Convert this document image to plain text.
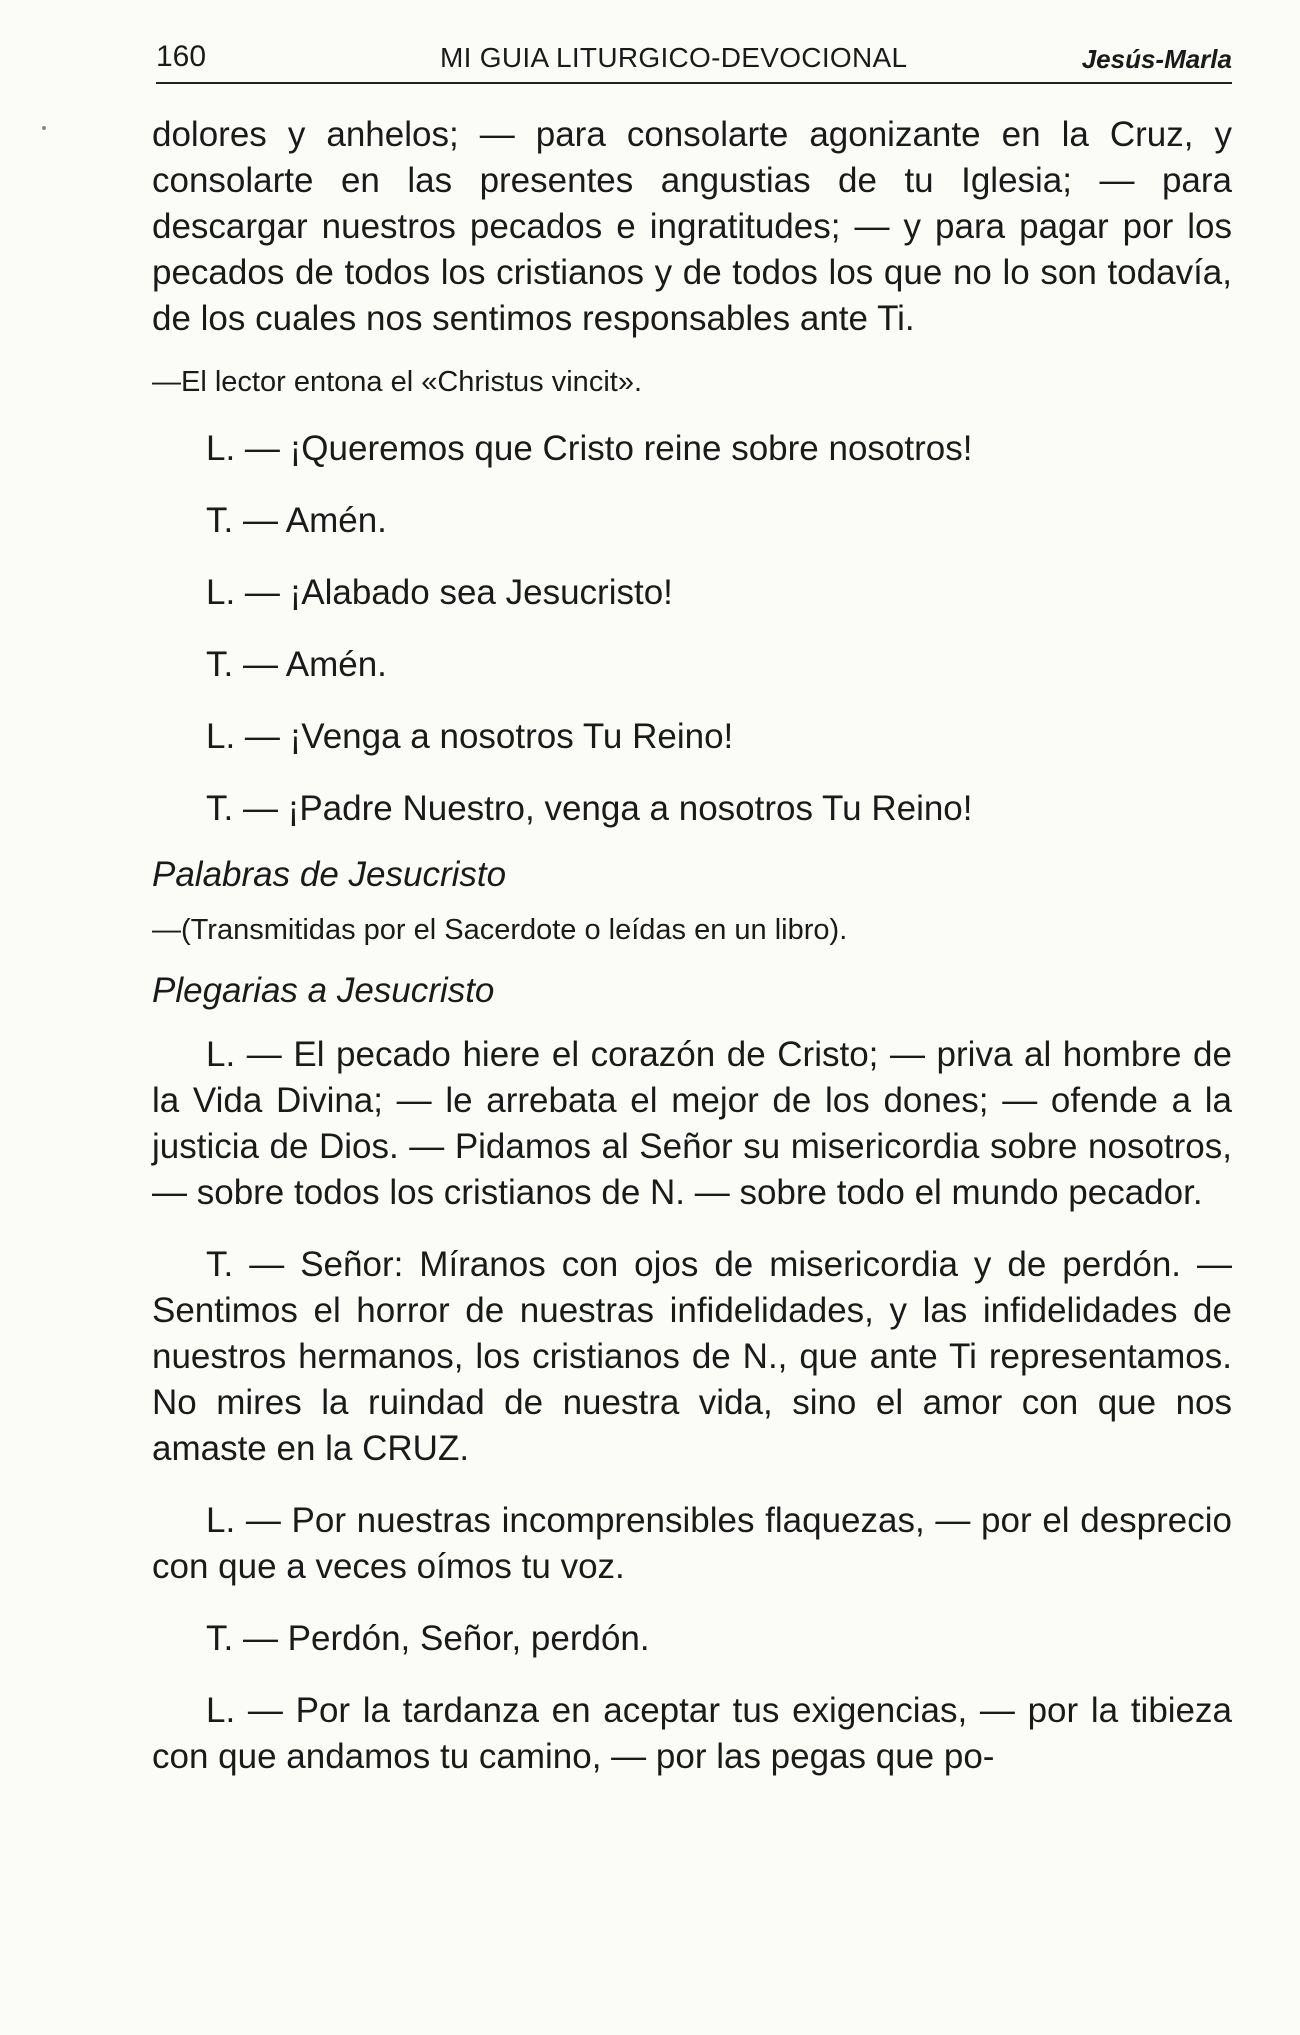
160	MI GUIA LITURGICO-DEVOCIONAL	Jesús-Marla

dolores y anhelos; — para consolarte agonizante en la Cruz, y consolarte en las presentes angustias de tu Iglesia; — para descargar nuestros pecados e ingratitudes; — y para pagar por los pecados de todos los cristianos y de todos los que no lo son todavía, de los cuales nos sentimos responsables ante Ti.

—El lector entona el «Christus vincit».

L. — ¡Queremos que Cristo reine sobre nosotros!

T. — Amén.

L. — ¡Alabado sea Jesucristo!

T. — Amén.

L. — ¡Venga a nosotros Tu Reino!

T. — ¡Padre Nuestro, venga a nosotros Tu Reino!

Palabras de Jesucristo

—(Transmitidas por el Sacerdote o leídas en un libro).

Plegarias a Jesucristo

L. — El pecado hiere el corazón de Cristo; — priva al hombre de la Vida Divina; — le arrebata el mejor de los dones; — ofende a la justicia de Dios. — Pidamos al Señor su misericordia sobre nosotros, — sobre todos los cristianos de N. — sobre todo el mundo pecador.

T. — Señor: Míranos con ojos de misericordia y de perdón. — Sentimos el horror de nuestras infidelidades, y las infidelidades de nuestros hermanos, los cristianos de N., que ante Ti representamos. No mires la ruindad de nuestra vida, sino el amor con que nos amaste en la CRUZ.

L. — Por nuestras incomprensibles flaquezas, — por el desprecio con que a veces oímos tu voz.

T. — Perdón, Señor, perdón.

L. — Por la tardanza en aceptar tus exigencias, — por la tibieza con que andamos tu camino, — por las pegas que po-
